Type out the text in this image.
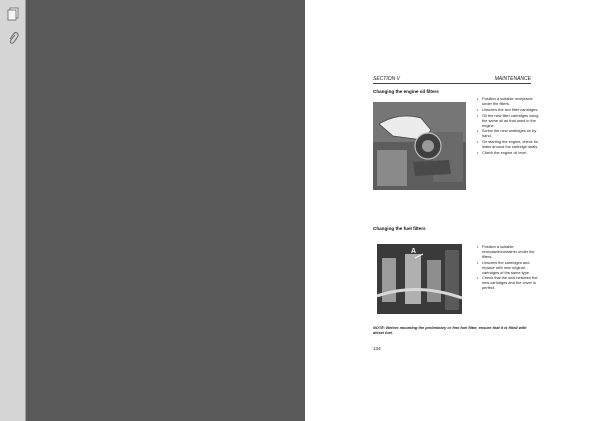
SECTION V	MAINTENANCE
Changing the engine oil filters
• Position a suitable receptacle under the filters.
• Unscrew the two filter cartridges.
• Oil the new filter cartridges using the same oil as that used in the engine.
• Screw the new cartridges on by hand.
• On starting the engine, check for leaks around the cartridge seals.
• Check the engine oil level.
Changing the fuel filters
A
• Position a suitable receptacle/container under the filters.
• Unscrew the cartridges and replace with new original cartridges of the same type.
• Check that the seal between the new cartridges and the cover is perfect.
NOTE: Before mounting the preliminary or fine fuel filter, ensure that it is filled with diesel fuel.
134
